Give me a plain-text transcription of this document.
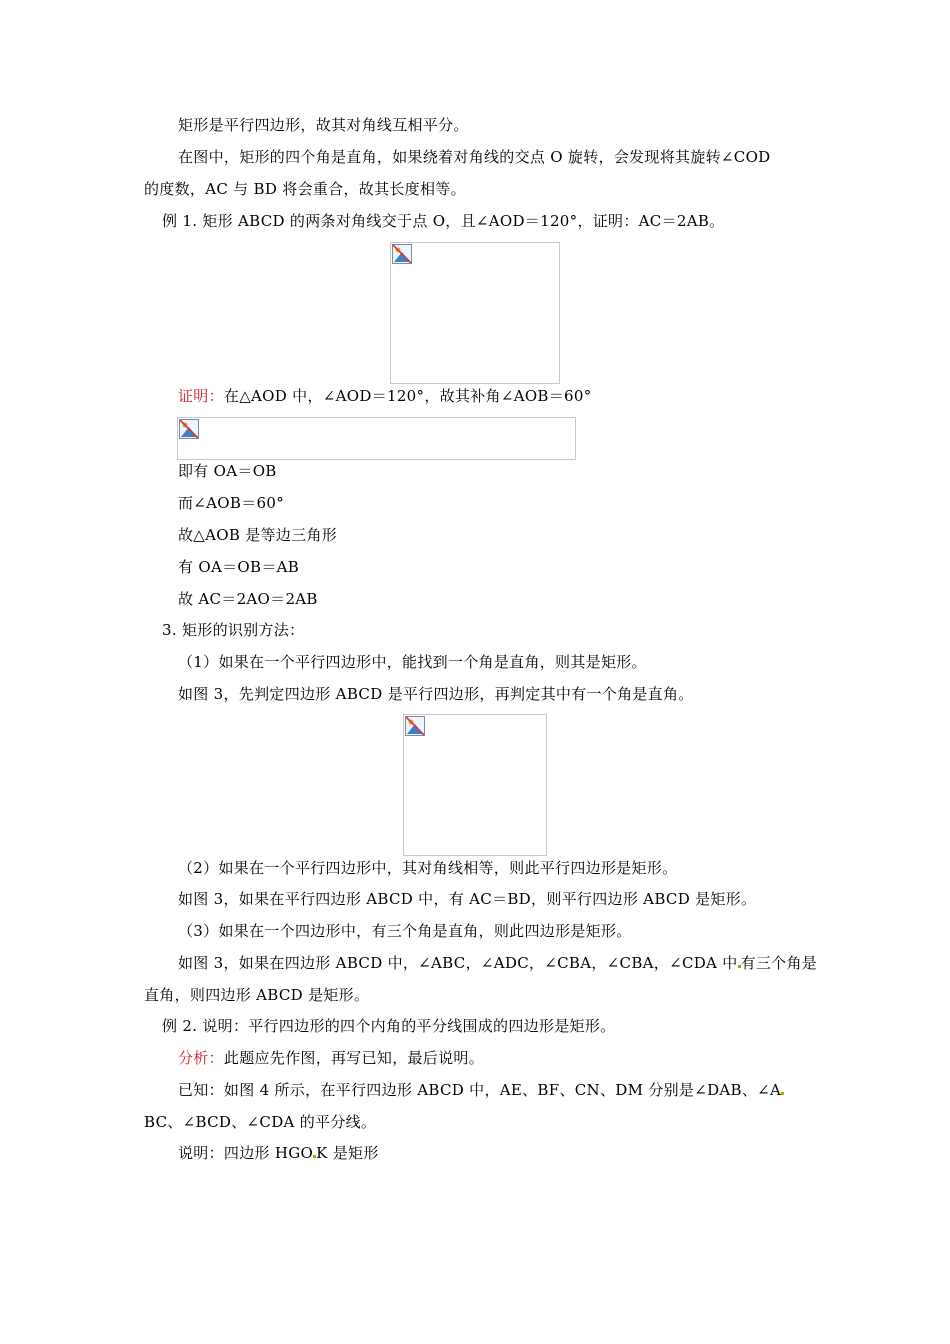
矩形是平行四边形，故其对角线互相平分。
在图中，矩形的四个角是直角，如果绕着对角线的交点 O 旋转，会发现将其旋转∠COD
的度数，AC 与 BD 将会重合，故其长度相等。
例 1. 矩形 ABCD 的两条对角线交于点 O，且∠AOD＝120°，证明：AC＝2AB。
证明：在△AOD 中，∠AOD＝120°，故其补角∠AOB＝60°
即有 OA＝OB
而∠AOB＝60°
故△AOB 是等边三角形
有 OA＝OB＝AB
故 AC＝2AO＝2AB
3. 矩形的识别方法：
（1）如果在一个平行四边形中，能找到一个角是直角，则其是矩形。
如图 3，先判定四边形 ABCD 是平行四边形，再判定其中有一个角是直角。
（2）如果在一个平行四边形中，其对角线相等，则此平行四边形是矩形。
如图 3，如果在平行四边形 ABCD 中，有 AC＝BD，则平行四边形 ABCD 是矩形。
（3）如果在一个四边形中，有三个角是直角，则此四边形是矩形。
如图 3，如果在四边形 ABCD 中，∠ABC，∠ADC，∠CBA，∠CBA，∠CDA 中 有三个角是
直角，则四边形 ABCD 是矩形。
例 2. 说明：平行四边形的四个内角的平分线围成的四边形是矩形。
分析：此题应先作图，再写已知，最后说明。
已知：如图 4 所示，在平行四边形 ABCD 中，AE、BF、CN、DM 分别是∠DAB、∠A
BC、∠BCD、∠CDA 的平分线。
说明：四边形 HGO K 是矩形
